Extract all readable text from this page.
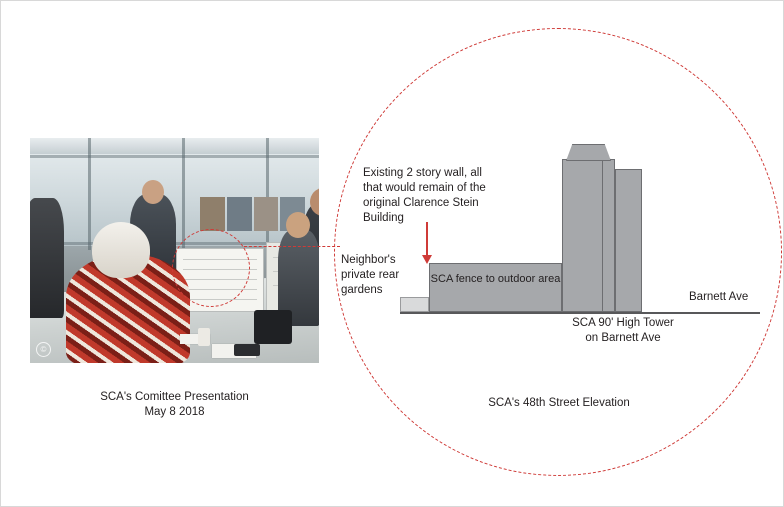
©
SCA's Comittee Presentation
May 8 2018
Existing 2 story wall, all that would remain of the original Clarence Stein Building
SCA fence to outdoor area
Neighbor's private rear gardens
Barnett Ave
SCA 90' High Tower
on Barnett Ave
SCA's 48th Street Elevation
